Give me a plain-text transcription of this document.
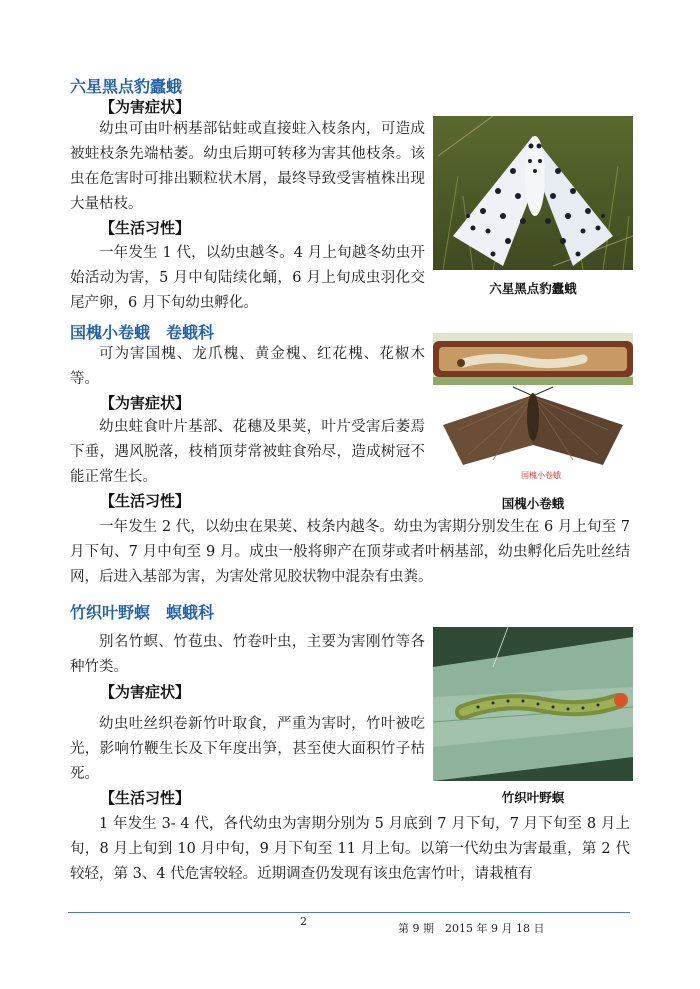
六星黑点豹蠹蛾
【为害症状】
幼虫可由叶柄基部钻蛀或直接蛀入枝条内，可造成被蛀枝条先端枯萎。幼虫后期可转移为害其他枝条。该虫在危害时可排出颗粒状木屑，最终导致受害植株出现大量枯枝。
【生活习性】
一年发生 1 代，以幼虫越冬。4 月上旬越冬幼虫开始活动为害，5 月中旬陆续化蛹，6 月上旬成虫羽化交尾产卵，6 月下旬幼虫孵化。
六星黑点豹蠹蛾
国槐小卷蛾　卷蛾科
可为害国槐、龙爪槐、黄金槐、红花槐、花椒木等。
【为害症状】
幼虫蛀食叶片基部、花穗及果荚，叶片受害后萎焉下垂，遇风脱落，枝梢顶芽常被蛀食殆尽，造成树冠不能正常生长。
【生活习性】
一年发生 2 代，以幼虫在果荚、枝条内越冬。幼虫为害期分别发生在 6 月上旬至 7 月下旬、7 月中旬至 9 月。成虫一般将卵产在顶芽或者叶柄基部，幼虫孵化后先吐丝结网，后进入基部为害，为害处常见胶状物中混杂有虫粪。
国槐小卷蛾
国槐小卷蛾
竹织叶野螟　螟蛾科
别名竹螟、竹苞虫、竹卷叶虫，主要为害刚竹等各种竹类。
【为害症状】
幼虫吐丝织卷新竹叶取食，严重为害时，竹叶被吃光，影响竹鞭生长及下年度出笋，甚至使大面积竹子枯死。
【生活习性】
1 年发生 3- 4 代，各代幼虫为害期分别为 5 月底到 7 月下旬，7 月下旬至 8 月上旬，8 月上旬到 10 月中旬，9 月下旬至 11 月上旬。以第一代幼虫为害最重，第 2 代较轻，第 3、4 代危害较轻。近期调查仍发现有该虫危害竹叶，请栽植有
竹织叶野螟
2
第 9 期　2015 年 9 月 18 日
